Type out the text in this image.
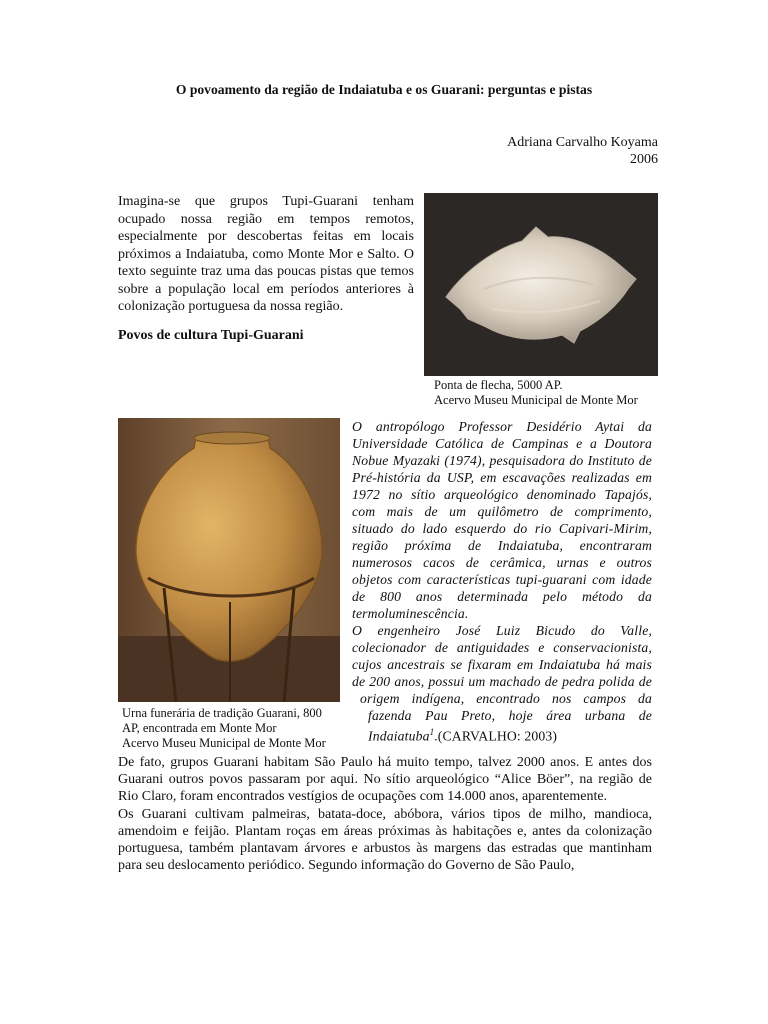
O povoamento da região de Indaiatuba e os Guarani: perguntas e pistas
Adriana Carvalho Koyama
2006
Imagina-se que grupos Tupi-Guarani tenham
ocupado nossa região em tempos remotos,
especialmente por descobertas feitas em locais
próximos a Indaiatuba, como Monte Mor e Salto. O
texto seguinte traz uma das poucas pistas que temos
sobre a população local em períodos anteriores à
colonização portuguesa da nossa região.
Povos de cultura Tupi-Guarani
Ponta de flecha, 5000 AP.
Acervo Museu Municipal de Monte Mor
Urna funerária de tradição Guarani, 800
AP, encontrada em Monte Mor
Acervo Museu Municipal de Monte Mor
O antropólogo Professor Desidério Aytai da
Universidade Católica de Campinas e a Doutora
Nobue Myazaki (1974), pesquisadora do Instituto de
Pré-história da USP, em escavações realizadas em
1972 no sítio arqueológico denominado Tapajós,
com mais de um quilômetro de comprimento,
situado do lado esquerdo do rio Capivari-Mirim,
região próxima de Indaiatuba, encontraram
numerosos cacos de cerâmica, urnas e outros
objetos com características tupi-guarani com idade
de 800 anos determinada pelo método da
termoluminescência.
O engenheiro José Luiz Bicudo do Valle,
colecionador de antiguidades e conservacionista,
cujos ancestrais se fixaram em Indaiatuba há mais
de 200 anos, possui um machado de pedra polida de
origem indígena, encontrado nos campos da
fazenda Pau Preto, hoje área urbana de
Indaiatuba$^1$.(CARVALHO: 2003)
De fato, grupos Guarani habitam São Paulo há muito tempo, talvez 2000 anos. E antes dos
Guarani outros povos passaram por aqui. No sítio arqueológico “Alice Böer”, na região de
Rio Claro, foram encontrados vestígios de ocupações com 14.000 anos, aparentemente.
Os Guarani cultivam palmeiras, batata-doce, abóbora, vários tipos de milho, mandioca,
amendoim e feijão. Plantam roças em áreas próximas às habitações e, antes da colonização
portuguesa, também plantavam árvores e arbustos às margens das estradas que mantinham
para seu deslocamento periódico. Segundo informação do Governo de São Paulo,
